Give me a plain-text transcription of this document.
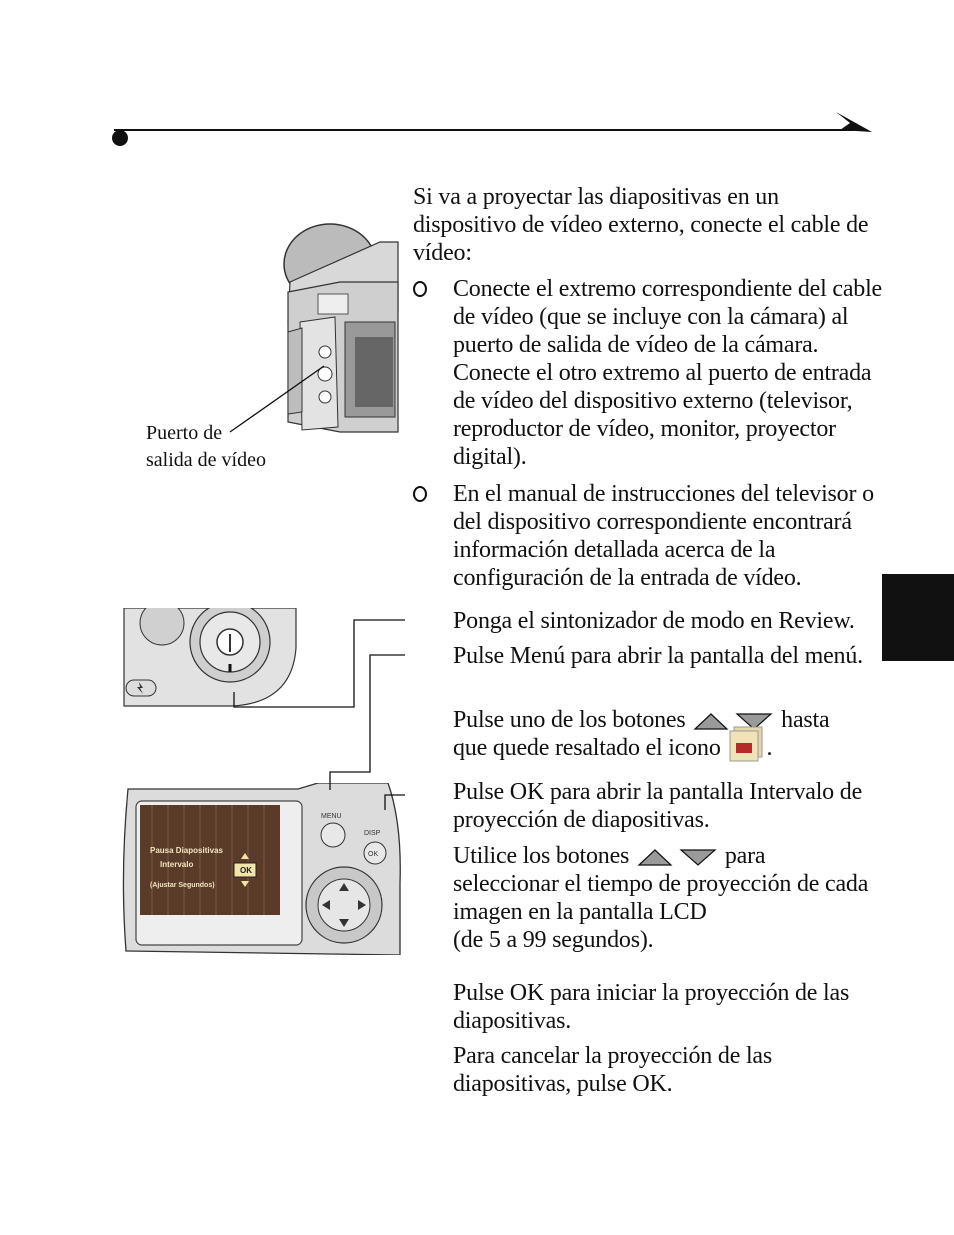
Si va a proyectar las diapositivas en un dispositivo de vídeo externo, conecte el cable de vídeo:
Conecte el extremo correspondiente del cable de vídeo (que se incluye con la cámara) al puerto de salida de vídeo de la cámara. Conecte el otro extremo al puerto de entrada de vídeo del dispositivo externo (televisor, reproductor de vídeo, monitor, proyector digital).
En el manual de instrucciones del televisor o del dispositivo correspondiente encontrará información detallada acerca de la configuración de la entrada de vídeo.
Puerto de
salida de vídeo
Pausa Diapositivas
Intervalo
(Ajustar Segundos)
OK
MENU
DISP
OK
Ponga el sintonizador de modo en Review.
Pulse Menú para abrir la pantalla del menú.
Pulse uno de los botones	hasta
que quede resaltado el icono .
Pulse OK para abrir la pantalla Intervalo de proyección de diapositivas.
Utilice los botones	para
seleccionar el tiempo de proyección de cada imagen en la pantalla LCD
(de 5 a 99 segundos).
Pulse OK para iniciar la proyección de las diapositivas.
Para cancelar la proyección de las diapositivas, pulse OK.
